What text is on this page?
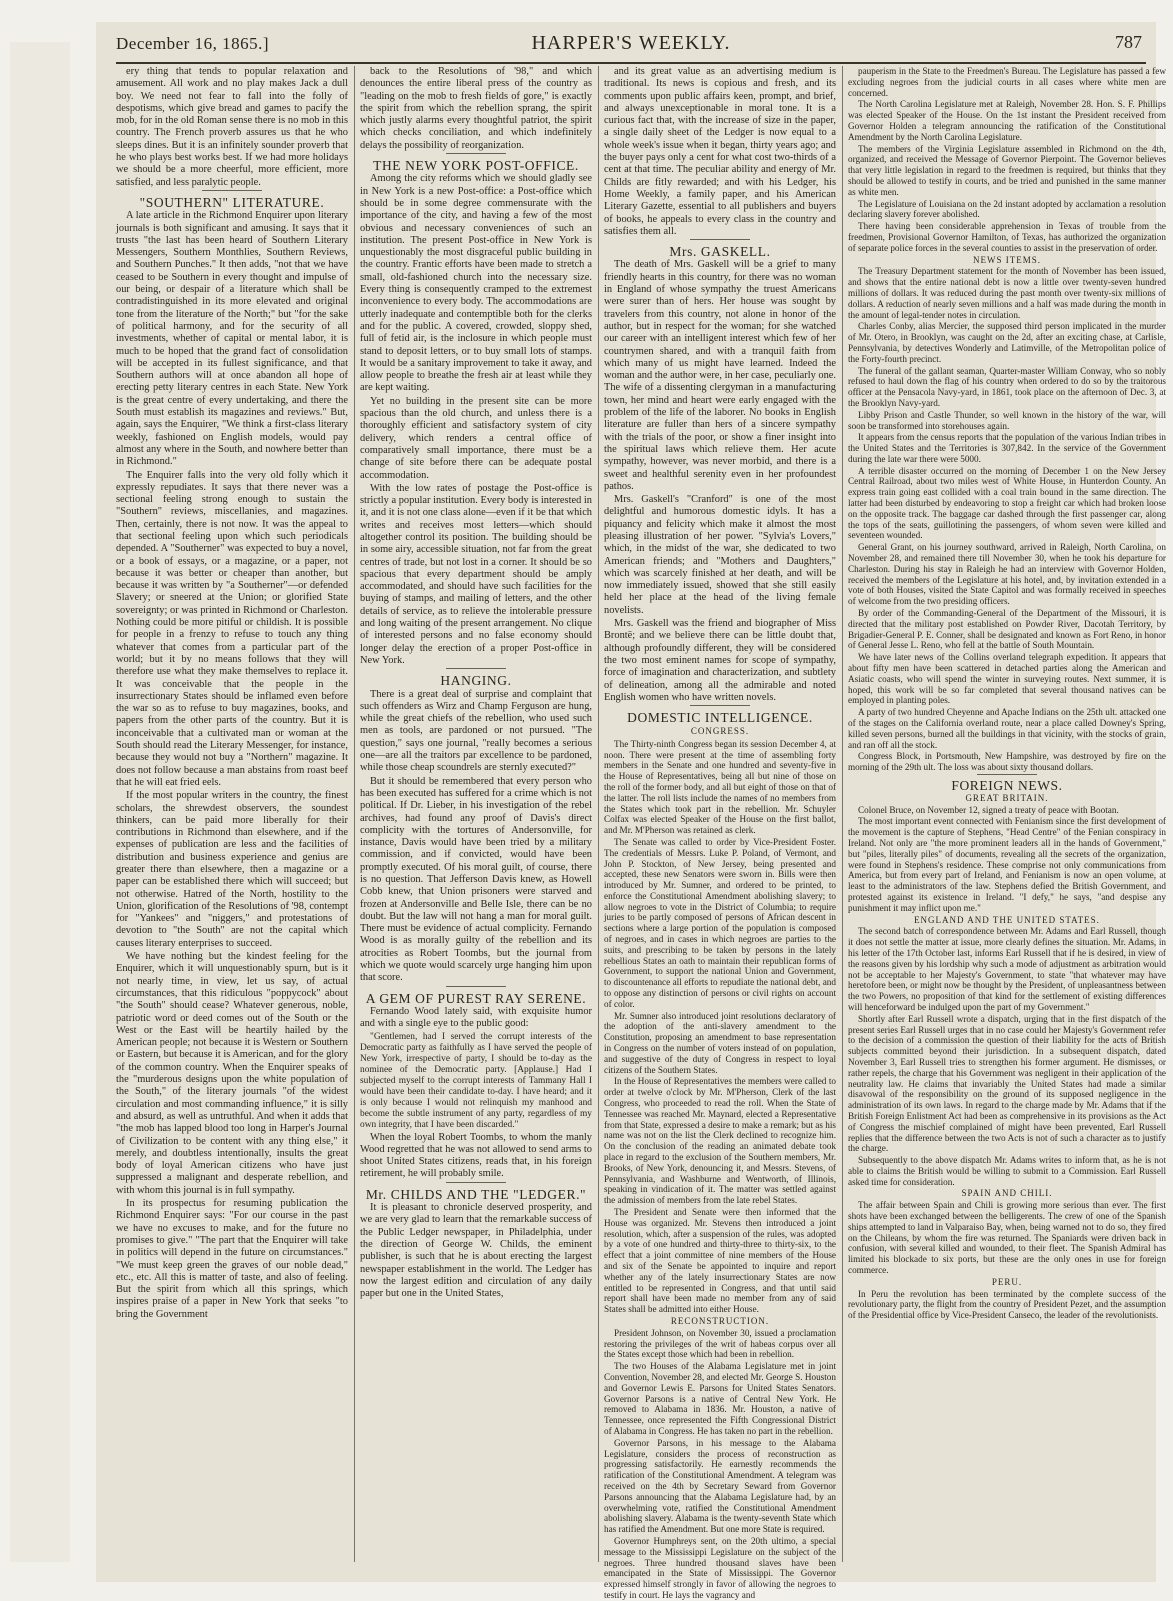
December 16, 1865.]	HARPER'S WEEKLY.	787

ery thing that tends to popular relaxation and amusement. All work and no play makes Jack a dull boy. We need not fear to fall into the folly of despotisms, which give bread and games to pacify the mob, for in the old Roman sense there is no mob in this country. The French proverb assures us that he who sleeps dines. But it is an infinitely sounder proverb that he who plays best works best. If we had more holidays we should be a more cheerful, more efficient, more satisfied, and less paralytic people.

"SOUTHERN" LITERATURE.

A late article in the Richmond Enquirer upon literary journals is both significant and amusing. It says that it trusts "the last has been heard of Southern Literary Messengers, Southern Monthlies, Southern Reviews, and Southern Punches." It then adds, "not that we have ceased to be Southern in every thought and impulse of our being, or despair of a literature which shall be contradistinguished in its more elevated and original tone from the literature of the North;" but "for the sake of political harmony, and for the security of all investments, whether of capital or mental labor, it is much to be hoped that the grand fact of consolidation will be accepted in its fullest significance, and that Southern authors will at once abandon all hope of erecting petty literary centres in each State. New York is the great centre of every undertaking, and there the South must establish its magazines and reviews." But, again, says the Enquirer, "We think a first-class literary weekly, fashioned on English models, would pay almost any where in the South, and nowhere better than in Richmond."

The Enquirer falls into the very old folly which it expressly repudiates. It says that there never was a sectional feeling strong enough to sustain the "Southern" reviews, miscellanies, and magazines. Then, certainly, there is not now. It was the appeal to that sectional feeling upon which such periodicals depended. A "Southerner" was expected to buy a novel, or a book of essays, or a magazine, or a paper, not because it was better or cheaper than another, but because it was written by "a Southerner"—or defended Slavery; or sneered at the Union; or glorified State sovereignty; or was printed in Richmond or Charleston. Nothing could be more pitiful or childish. It is possible for people in a frenzy to refuse to touch any thing whatever that comes from a particular part of the world; but it by no means follows that they will therefore use what they make themselves to replace it. It was conceivable that the people in the insurrectionary States should be inflamed even before the war so as to refuse to buy magazines, books, and papers from the other parts of the country. But it is inconceivable that a cultivated man or woman at the South should read the Literary Messenger, for instance, because they would not buy a "Northern" magazine. It does not follow because a man abstains from roast beef that he will eat fried eels.

If the most popular writers in the country, the finest scholars, the shrewdest observers, the soundest thinkers, can be paid more liberally for their contributions in Richmond than elsewhere, and if the expenses of publication are less and the facilities of distribution and business experience and genius are greater there than elsewhere, then a magazine or a paper can be established there which will succeed; but not otherwise. Hatred of the North, hostility to the Union, glorification of the Resolutions of '98, contempt for "Yankees" and "niggers," and protestations of devotion to "the South" are not the capital which causes literary enterprises to succeed.

We have nothing but the kindest feeling for the Enquirer, which it will unquestionably spurn, but is it not nearly time, in view, let us say, of actual circumstances, that this ridiculous "poppycock" about "the South" should cease? Whatever generous, noble, patriotic word or deed comes out of the South or the West or the East will be heartily hailed by the American people; not because it is Western or Southern or Eastern, but because it is American, and for the glory of the common country. When the Enquirer speaks of the "murderous designs upon the white population of the South," of the literary journals "of the widest circulation and most commanding influence," it is silly and absurd, as well as untruthful. And when it adds that "the mob has lapped blood too long in Harper's Journal of Civilization to be content with any thing else," it merely, and doubtless intentionally, insults the great body of loyal American citizens who have just suppressed a malignant and desperate rebellion, and with whom this journal is in full sympathy.

In its prospectus for resuming publication the Richmond Enquirer says: "For our course in the past we have no excuses to make, and for the future no promises to give." "The part that the Enquirer will take in politics will depend in the future on circumstances." "We must keep green the graves of our noble dead," etc., etc. All this is matter of taste, and also of feeling. But the spirit from which all this springs, which inspires praise of a paper in New York that seeks "to bring the Government

back to the Resolutions of '98," and which denounces the entire liberal press of the country as "leading on the mob to fresh fields of gore," is exactly the spirit from which the rebellion sprang, the spirit which justly alarms every thoughtful patriot, the spirit which checks conciliation, and which indefinitely delays the possibility of reorganization.

THE NEW YORK POST-OFFICE.

Among the city reforms which we should gladly see in New York is a new Post-office: a Post-office which should be in some degree commensurate with the importance of the city, and having a few of the most obvious and necessary conveniences of such an institution. The present Post-office in New York is unquestionably the most disgraceful public building in the country. Frantic efforts have been made to stretch a small, old-fashioned church into the necessary size. Every thing is consequently cramped to the extremest inconvenience to every body. The accommodations are utterly inadequate and contemptible both for the clerks and for the public. A covered, crowded, sloppy shed, full of fetid air, is the inclosure in which people must stand to deposit letters, or to buy small lots of stamps. It would be a sanitary improvement to take it away, and allow people to breathe the fresh air at least while they are kept waiting.

Yet no building in the present site can be more spacious than the old church, and unless there is a thoroughly efficient and satisfactory system of city delivery, which renders a central office of comparatively small importance, there must be a change of site before there can be adequate postal accommodation.

With the low rates of postage the Post-office is strictly a popular institution. Every body is interested in it, and it is not one class alone—even if it be that which writes and receives most letters—which should altogether control its position. The building should be in some airy, accessible situation, not far from the great centres of trade, but not lost in a corner. It should be so spacious that every department should be amply accommodated, and should have such facilities for the buying of stamps, and mailing of letters, and the other details of service, as to relieve the intolerable pressure and long waiting of the present arrangement. No clique of interested persons and no false economy should longer delay the erection of a proper Post-office in New York.

HANGING.

There is a great deal of surprise and complaint that such offenders as Wirz and Champ Ferguson are hung, while the great chiefs of the rebellion, who used such men as tools, are pardoned or not pursued. "The question," says one journal, "really becomes a serious one—are all the traitors par excellence to be pardoned, while those cheap scoundrels are sternly executed?"

But it should be remembered that every person who has been executed has suffered for a crime which is not political. If Dr. Lieber, in his investigation of the rebel archives, had found any proof of Davis's direct complicity with the tortures of Andersonville, for instance, Davis would have been tried by a military commission, and if convicted, would have been promptly executed. Of his moral guilt, of course, there is no question. That Jefferson Davis knew, as Howell Cobb knew, that Union prisoners were starved and frozen at Andersonville and Belle Isle, there can be no doubt. But the law will not hang a man for moral guilt. There must be evidence of actual complicity. Fernando Wood is as morally guilty of the rebellion and its atrocities as Robert Toombs, but the journal from which we quote would scarcely urge hanging him upon that score.

A GEM OF PUREST RAY SERENE.

Fernando Wood lately said, with exquisite humor and with a single eye to the public good:

"Gentlemen, had I served the corrupt interests of the Democratic party as faithfully as I have served the people of New York, irrespective of party, I should be to-day as the nominee of the Democratic party. [Applause.] Had I subjected myself to the corrupt interests of Tammany Hall I would have been their candidate to-day. I have heard; and it is only because I would not relinquish my manhood and become the subtle instrument of any party, regardless of my own integrity, that I have been discarded."

When the loyal Robert Toombs, to whom the manly Wood regretted that he was not allowed to send arms to shoot United States citizens, reads that, in his foreign retirement, he will probably smile.

Mr. CHILDS AND THE "LEDGER."

It is pleasant to chronicle deserved prosperity, and we are very glad to learn that the remarkable success of the Public Ledger newspaper, in Philadelphia, under the direction of George W. Childs, the eminent publisher, is such that he is about erecting the largest newspaper establishment in the world. The Ledger has now the largest edition and circulation of any daily paper but one in the United States,

and its great value as an advertising medium is traditional. Its news is copious and fresh, and its comments upon public affairs keen, prompt, and brief, and always unexceptionable in moral tone. It is a curious fact that, with the increase of size in the paper, a single daily sheet of the Ledger is now equal to a whole week's issue when it began, thirty years ago; and the buyer pays only a cent for what cost two-thirds of a cent at that time. The peculiar ability and energy of Mr. Childs are fitly rewarded; and with his Ledger, his Home Weekly, a family paper, and his American Literary Gazette, essential to all publishers and buyers of books, he appeals to every class in the country and satisfies them all.

Mrs. GASKELL.

The death of Mrs. Gaskell will be a grief to many friendly hearts in this country, for there was no woman in England of whose sympathy the truest Americans were surer than of hers. Her house was sought by travelers from this country, not alone in honor of the author, but in respect for the woman; for she watched our career with an intelligent interest which few of her countrymen shared, and with a tranquil faith from which many of us might have learned. Indeed the woman and the author were, in her case, peculiarly one. The wife of a dissenting clergyman in a manufacturing town, her mind and heart were early engaged with the problem of the life of the laborer. No books in English literature are fuller than hers of a sincere sympathy with the trials of the poor, or show a finer insight into the spiritual laws which relieve them. Her acute sympathy, however, was never morbid, and there is a sweet and healthful serenity even in her profoundest pathos.

Mrs. Gaskell's "Cranford" is one of the most delightful and humorous domestic idyls. It has a piquancy and felicity which make it almost the most pleasing illustration of her power. "Sylvia's Lovers," which, in the midst of the war, she dedicated to two American friends; and "Mothers and Daughters," which was scarcely finished at her death, and will be now immediately issued, showed that she still easily held her place at the head of the living female novelists.

Mrs. Gaskell was the friend and biographer of Miss Brontë; and we believe there can be little doubt that, although profoundly different, they will be considered the two most eminent names for scope of sympathy, force of imagination and characterization, and subtlety of delineation, among all the admirable and noted English women who have written novels.

DOMESTIC INTELLIGENCE.

CONGRESS.

The Thirty-ninth Congress began its session December 4, at noon. There were present at the time of assembling forty members in the Senate and one hundred and seventy-five in the House of Representatives, being all but nine of those on the roll of the former body, and all but eight of those on that of the latter. The roll lists include the names of no members from the States which took part in the rebellion. Mr. Schuyler Colfax was elected Speaker of the House on the first ballot, and Mr. M'Pherson was retained as clerk.

The Senate was called to order by Vice-President Foster. The credentials of Messrs. Luke P. Poland, of Vermont, and John P. Stockton, of New Jersey, being presented and accepted, these new Senators were sworn in. Bills were then introduced by Mr. Sumner, and ordered to be printed, to enforce the Constitutional Amendment abolishing slavery; to allow negroes to vote in the District of Columbia; to require juries to be partly composed of persons of African descent in sections where a large portion of the population is composed of negroes, and in cases in which negroes are parties to the suits, and prescribing to be taken by persons in the lately rebellious States an oath to maintain their republican forms of Government, to support the national Union and Government, to discountenance all efforts to repudiate the national debt, and to oppose any distinction of persons or civil rights on account of color.

Mr. Sumner also introduced joint resolutions declaratory of the adoption of the anti-slavery amendment to the Constitution, proposing an amendment to base representation in Congress on the number of voters instead of on population, and suggestive of the duty of Congress in respect to loyal citizens of the Southern States.

In the House of Representatives the members were called to order at twelve o'clock by Mr. M'Pherson, Clerk of the last Congress, who proceeded to read the roll. When the State of Tennessee was reached Mr. Maynard, elected a Representative from that State, expressed a desire to make a remark; but as his name was not on the list the Clerk declined to recognize him. On the conclusion of the reading an animated debate took place in regard to the exclusion of the Southern members, Mr. Brooks, of New York, denouncing it, and Messrs. Stevens, of Pennsylvania, and Washburne and Wentworth, of Illinois, speaking in vindication of it. The matter was settled against the admission of members from the late rebel States.

The President and Senate were then informed that the House was organized. Mr. Stevens then introduced a joint resolution, which, after a suspension of the rules, was adopted by a vote of one hundred and thirty-three to thirty-six, to the effect that a joint committee of nine members of the House and six of the Senate be appointed to inquire and report whether any of the lately insurrectionary States are now entitled to be represented in Congress, and that until said report shall have been made no member from any of said States shall be admitted into either House.

RECONSTRUCTION.

President Johnson, on November 30, issued a proclamation restoring the privileges of the writ of habeas corpus over all the States except those which had been in rebellion.

The two Houses of the Alabama Legislature met in joint Convention, November 28, and elected Mr. George S. Houston and Governor Lewis E. Parsons for United States Senators. Governor Parsons is a native of Central New York. He removed to Alabama in 1836. Mr. Houston, a native of Tennessee, once represented the Fifth Congressional District of Alabama in Congress. He has taken no part in the rebellion.

Governor Parsons, in his message to the Alabama Legislature, considers the process of reconstruction as progressing satisfactorily. He earnestly recommends the ratification of the Constitutional Amendment. A telegram was received on the 4th by Secretary Seward from Governor Parsons announcing that the Alabama Legislature had, by an overwhelming vote, ratified the Constitutional Amendment abolishing slavery. Alabama is the twenty-seventh State which has ratified the Amendment. But one more State is required.

Governor Humphreys sent, on the 20th ultimo, a special message to the Mississippi Legislature on the subject of the negroes. Three hundred thousand slaves have been emancipated in the State of Mississippi. The Governor expressed himself strongly in favor of allowing the negroes to testify in court. He lays the vagrancy and

pauperism in the State to the Freedmen's Bureau. The Legislature has passed a few excluding negroes from the judicial courts in all cases where white men are concerned.

The North Carolina Legislature met at Raleigh, November 28. Hon. S. F. Phillips was elected Speaker of the House. On the 1st instant the President received from Governor Holden a telegram announcing the ratification of the Constitutional Amendment by the North Carolina Legislature.

The members of the Virginia Legislature assembled in Richmond on the 4th, organized, and received the Message of Governor Pierpoint. The Governor believes that very little legislation in regard to the freedmen is required, but thinks that they should be allowed to testify in courts, and be tried and punished in the same manner as white men.

The Legislature of Louisiana on the 2d instant adopted by acclamation a resolution declaring slavery forever abolished.

There having been considerable apprehension in Texas of trouble from the freedmen, Provisional Governor Hamilton, of Texas, has authorized the organization of separate police forces in the several counties to assist in the preservation of order.

NEWS ITEMS.

The Treasury Department statement for the month of November has been issued, and shows that the entire national debt is now a little over twenty-seven hundred millions of dollars. It was reduced during the past month over twenty-six millions of dollars. A reduction of nearly seven millions and a half was made during the month in the amount of legal-tender notes in circulation.

Charles Conby, alias Mercier, the supposed third person implicated in the murder of Mr. Otero, in Brooklyn, was caught on the 2d, after an exciting chase, at Carlisle, Pennsylvania, by detectives Wonderly and Latimville, of the Metropolitan police of the Forty-fourth precinct.

The funeral of the gallant seaman, Quarter-master William Conway, who so nobly refused to haul down the flag of his country when ordered to do so by the traitorous officer at the Pensacola Navy-yard, in 1861, took place on the afternoon of Dec. 3, at the Brooklyn Navy-yard.

Libby Prison and Castle Thunder, so well known in the history of the war, will soon be transformed into storehouses again.

It appears from the census reports that the population of the various Indian tribes in the United States and the Territories is 307,842. In the service of the Government during the late war there were 5000.

A terrible disaster occurred on the morning of December 1 on the New Jersey Central Railroad, about two miles west of White House, in Hunterdon County. An express train going east collided with a coal train bound in the same direction. The latter had been disturbed by endeavoring to stop a freight car which had broken loose on the opposite track. The baggage car dashed through the first passenger car, along the tops of the seats, guillotining the passengers, of whom seven were killed and seventeen wounded.

General Grant, on his journey southward, arrived in Raleigh, North Carolina, on November 28, and remained there till November 30, when he took his departure for Charleston. During his stay in Raleigh he had an interview with Governor Holden, received the members of the Legislature at his hotel, and, by invitation extended in a vote of both Houses, visited the State Capitol and was formally received in speeches of welcome from the two presiding officers.

By order of the Commanding-General of the Department of the Missouri, it is directed that the military post established on Powder River, Dacotah Territory, by Brigadier-General P. E. Conner, shall be designated and known as Fort Reno, in honor of General Jesse L. Reno, who fell at the battle of South Mountain.

We have later news of the Collins overland telegraph expedition. It appears that about fifty men have been scattered in detached parties along the American and Asiatic coasts, who will spend the winter in surveying routes. Next summer, it is hoped, this work will be so far completed that several thousand natives can be employed in planting poles.

A party of two hundred Cheyenne and Apache Indians on the 25th ult. attacked one of the stages on the California overland route, near a place called Downey's Spring, killed seven persons, burned all the buildings in that vicinity, with the stocks of grain, and ran off all the stock.

Congress Block, in Portsmouth, New Hampshire, was destroyed by fire on the morning of the 29th ult. The loss was about sixty thousand dollars.

FOREIGN NEWS.

GREAT BRITAIN.

Colonel Bruce, on November 12, signed a treaty of peace with Bootan.

The most important event connected with Fenianism since the first development of the movement is the capture of Stephens, "Head Centre" of the Fenian conspiracy in Ireland. Not only are "the more prominent leaders all in the hands of Government," but "piles, literally piles" of documents, revealing all the secrets of the organization, were found in Stephens's residence. These comprise not only communications from America, but from every part of Ireland, and Fenianism is now an open volume, at least to the administrators of the law. Stephens defied the British Government, and protested against its existence in Ireland. "I defy," he says, "and despise any punishment it may inflict upon me."

ENGLAND AND THE UNITED STATES.

The second batch of correspondence between Mr. Adams and Earl Russell, though it does not settle the matter at issue, more clearly defines the situation. Mr. Adams, in his letter of the 17th October last, informs Earl Russell that if he is desired, in view of the reasons given by his lordship why such a mode of adjustment as arbitration would not be acceptable to her Majesty's Government, to state "that whatever may have heretofore been, or might now be thought by the President, of unpleasantness between the two Powers, no proposition of that kind for the settlement of existing differences will henceforward be indulged upon the part of my Government."

Shortly after Earl Russell wrote a dispatch, urging that in the first dispatch of the present series Earl Russell urges that in no case could her Majesty's Government refer to the decision of a commission the question of their liability for the acts of British subjects committed beyond their jurisdiction. In a subsequent dispatch, dated November 3, Earl Russell tries to strengthen his former argument. He dismisses, or rather repels, the charge that his Government was negligent in their application of the neutrality law. He claims that invariably the United States had made a similar disavowal of the responsibility on the ground of its supposed negligence in the administration of its own laws. In regard to the charge made by Mr. Adams that if the British Foreign Enlistment Act had been as comprehensive in its provisions as the Act of Congress the mischief complained of might have been prevented, Earl Russell replies that the difference between the two Acts is not of such a character as to justify the charge.

Subsequently to the above dispatch Mr. Adams writes to inform that, as he is not able to claims the British would be willing to submit to a Commission. Earl Russell asked time for consideration.

SPAIN AND CHILI.

The affair between Spain and Chili is growing more serious than ever. The first shots have been exchanged between the belligerents. The crew of one of the Spanish ships attempted to land in Valparaiso Bay, when, being warned not to do so, they fired on the Chileans, by whom the fire was returned. The Spaniards were driven back in confusion, with several killed and wounded, to their fleet. The Spanish Admiral has limited his blockade to six ports, but these are the only ones in use for foreign commerce.

PERU.

In Peru the revolution has been terminated by the complete success of the revolutionary party, the flight from the country of President Pezet, and the assumption of the Presidential office by Vice-President Canseco, the leader of the revolutionists.
